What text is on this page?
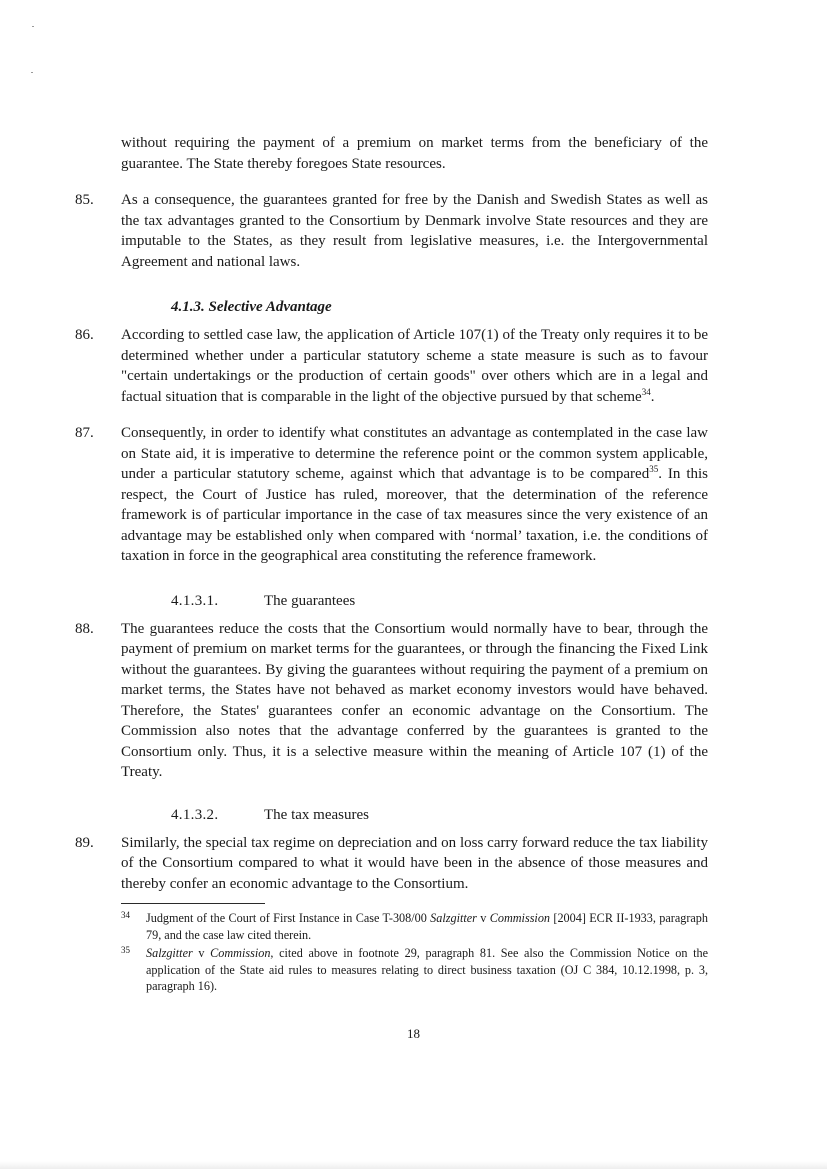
without requiring the payment of a premium on market terms from the beneficiary of the guarantee. The State thereby foregoes State resources.
85. As a consequence, the guarantees granted for free by the Danish and Swedish States as well as the tax advantages granted to the Consortium by Denmark involve State resources and they are imputable to the States, as they result from legislative measures, i.e. the Intergovernmental Agreement and national laws.
4.1.3. Selective Advantage
86. According to settled case law, the application of Article 107(1) of the Treaty only requires it to be determined whether under a particular statutory scheme a state measure is such as to favour "certain undertakings or the production of certain goods" over others which are in a legal and factual situation that is comparable in the light of the objective pursued by that scheme$^{34}$.
87. Consequently, in order to identify what constitutes an advantage as contemplated in the case law on State aid, it is imperative to determine the reference point or the common system applicable, under a particular statutory scheme, against which that advantage is to be compared$^{35}$. In this respect, the Court of Justice has ruled, moreover, that the determination of the reference framework is of particular importance in the case of tax measures since the very existence of an advantage may be established only when compared with ‘normal’ taxation, i.e. the conditions of taxation in force in the geographical area constituting the reference framework.
4.1.3.1.	The guarantees
88. The guarantees reduce the costs that the Consortium would normally have to bear, through the payment of premium on market terms for the guarantees, or through the financing the Fixed Link without the guarantees. By giving the guarantees without requiring the payment of a premium on market terms, the States have not behaved as market economy investors would have behaved. Therefore, the States' guarantees confer an economic advantage on the Consortium. The Commission also notes that the advantage conferred by the guarantees is granted to the Consortium only. Thus, it is a selective measure within the meaning of Article 107 (1) of the Treaty.
4.1.3.2.	The tax measures
89. Similarly, the special tax regime on depreciation and on loss carry forward reduce the tax liability of the Consortium compared to what it would have been in the absence of those measures and thereby confer an economic advantage to the Consortium.
34 Judgment of the Court of First Instance in Case T-308/00 Salzgitter v Commission [2004] ECR II-1933, paragraph 79, and the case law cited therein.
35 Salzgitter v Commission, cited above in footnote 29, paragraph 81. See also the Commission Notice on the application of the State aid rules to measures relating to direct business taxation (OJ C 384, 10.12.1998, p. 3, paragraph 16).
18
